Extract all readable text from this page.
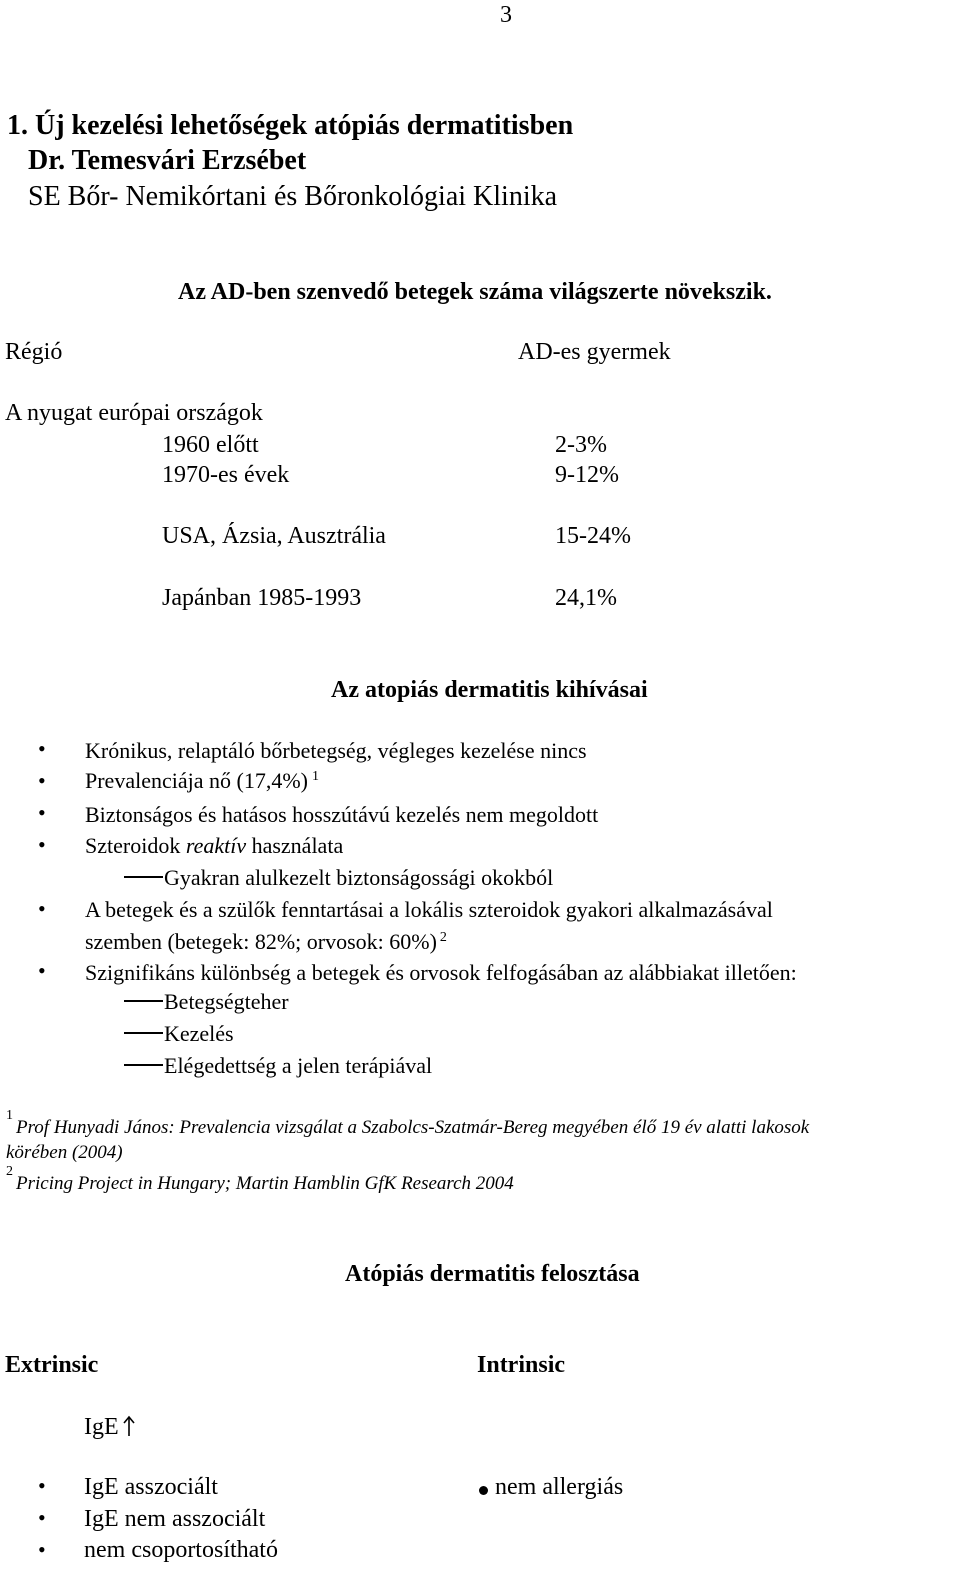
3
1. Új kezelési lehetőségek atópiás dermatitisben
Dr. Temesvári Erzsébet
SE Bőr- Nemikórtani és Bőronkológiai Klinika
Az AD-ben szenvedő betegek száma világszerte növekszik.
Régió	AD-es gyermek
A nyugat európai országok
1960 előtt	2-3%
1970-es évek	9-12%
USA, Ázsia, Ausztrália	15-24%
Japánban 1985-1993	24,1%
Az atopiás dermatitis kihívásai
• Krónikus, relaptáló bőrbetegség, végleges kezelése nincs
• Prevalenciája nő (17,4%) $^1$
• Biztonságos és hatásos hosszútávú kezelés nem megoldott
• Szteroidok reaktív használata
Gyakran alulkezelt biztonságossági okokból
• A betegek és a szülők fenntartásai a lokális szteroidok gyakori alkalmazásával
szemben (betegek: 82%; orvosok: 60%) $^2$
• Szignifikáns különbség a betegek és orvosok felfogásában az alábbiakat illetően:
Betegségteher
Kezelés
Elégedettség a jelen terápiával
1
Prof Hunyadi János: Prevalencia vizsgálat a Szabolcs-Szatmár-Bereg megyében élő 19 év alatti lakosok
körében (2004)
2
Pricing Project in Hungary; Martin Hamblin GfK Research 2004
Atópiás dermatitis felosztása
Extrinsic	Intrinsic
IgE
• IgE asszociált
• IgE nem asszociált
• nem csoportosítható
nem allergiás
